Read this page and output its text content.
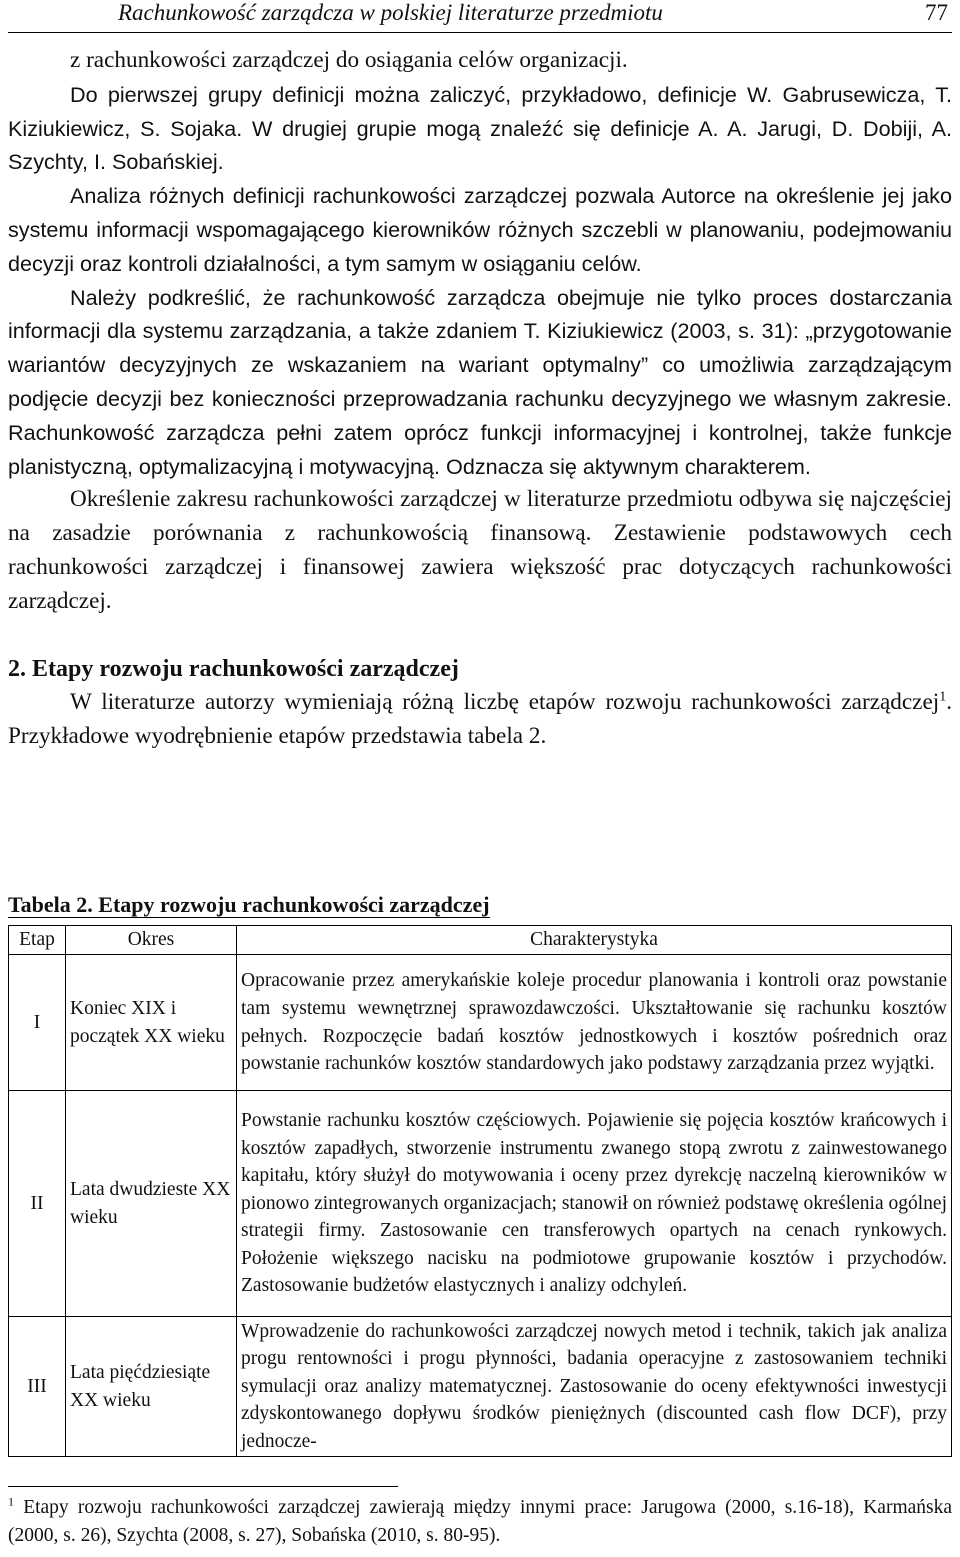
Rachunkowość zarządcza w polskiej literaturze przedmiotu	77

z rachunkowości zarządczej do osiągania celów organizacji.

Do pierwszej grupy definicji można zaliczyć, przykładowo, definicje W. Gabrusewicza, T. Kiziukiewicz, S. Sojaka. W drugiej grupie mogą znaleźć się definicje A. A. Jarugi, D. Dobiji, A. Szychty, I. Sobańskiej.

Analiza różnych definicji rachunkowości zarządczej pozwala Autorce na określenie jej jako systemu informacji wspomagającego kierowników różnych szczebli w planowaniu, podejmowaniu decyzji oraz kontroli działalności, a tym samym w osiąganiu celów.

Należy podkreślić, że rachunkowość zarządcza obejmuje nie tylko proces dostarczania informacji dla systemu zarządzania, a także zdaniem T. Kiziukiewicz (2003, s. 31): „przygotowanie wariantów decyzyjnych ze wskazaniem na wariant optymalny” co umożliwia zarządzającym podjęcie decyzji bez konieczności przeprowadzania rachunku decyzyjnego we własnym zakresie. Rachunkowość zarządcza pełni zatem oprócz funkcji informacyjnej i kontrolnej, także funkcje planistyczną, optymalizacyjną i motywacyjną. Odznacza się aktywnym charakterem.

Określenie zakresu rachunkowości zarządczej w literaturze przedmiotu odbywa się najczęściej na zasadzie porównania z rachunkowością finansową. Zestawienie podstawowych cech rachunkowości zarządczej i finansowej zawiera większość prac dotyczących rachunkowości zarządczej.

2. Etapy rozwoju rachunkowości zarządczej

W literaturze autorzy wymieniają różną liczbę etapów rozwoju rachunkowości zarządczej$^1$. Przykładowe wyodrębnienie etapów przedstawia tabela 2.

Tabela 2. Etapy rozwoju rachunkowości zarządczej
Etap	Okres	Charakterystyka
I	Koniec XIX i początek XX wieku	Opracowanie przez amerykańskie koleje procedur planowania i kontroli oraz powstanie tam systemu wewnętrznej sprawozdawczości. Ukształtowanie się rachunku kosztów pełnych. Rozpoczęcie badań kosztów jednostkowych i kosztów pośrednich oraz powstanie rachunków kosztów standardowych jako podstawy zarządzania przez wyjątki.
II	Lata dwudzieste XX wieku	Powstanie rachunku kosztów częściowych. Pojawienie się pojęcia kosztów krańcowych i kosztów zapadłych, stworzenie instrumentu zwanego stopą zwrotu z zainwestowanego kapitału, który służył do motywowania i oceny przez dyrekcję naczelną kierowników w pionowo zintegrowanych organizacjach; stanowił on również podstawę określenia ogólnej strategii firmy. Zastosowanie cen transferowych opartych na cenach rynkowych. Położenie większego nacisku na podmiotowe grupowanie kosztów i przychodów. Zastosowanie budżetów elastycznych i analizy odchyleń.
III	Lata pięćdziesiąte XX wieku	Wprowadzenie do rachunkowości zarządczej nowych metod i technik, takich jak analiza progu rentowności i progu płynności, badania operacyjne z zastosowaniem techniki symulacji oraz analizy matematycznej. Zastosowanie do oceny efektywności inwestycji zdyskontowanego dopływu środków pieniężnych (discounted cash flow DCF), przy jednocze-
$^1$ Etapy rozwoju rachunkowości zarządczej zawierają między innymi prace: Jarugowa (2000, s.16-18), Karmańska (2000, s. 26), Szychta (2008, s. 27), Sobańska (2010, s. 80-95).
